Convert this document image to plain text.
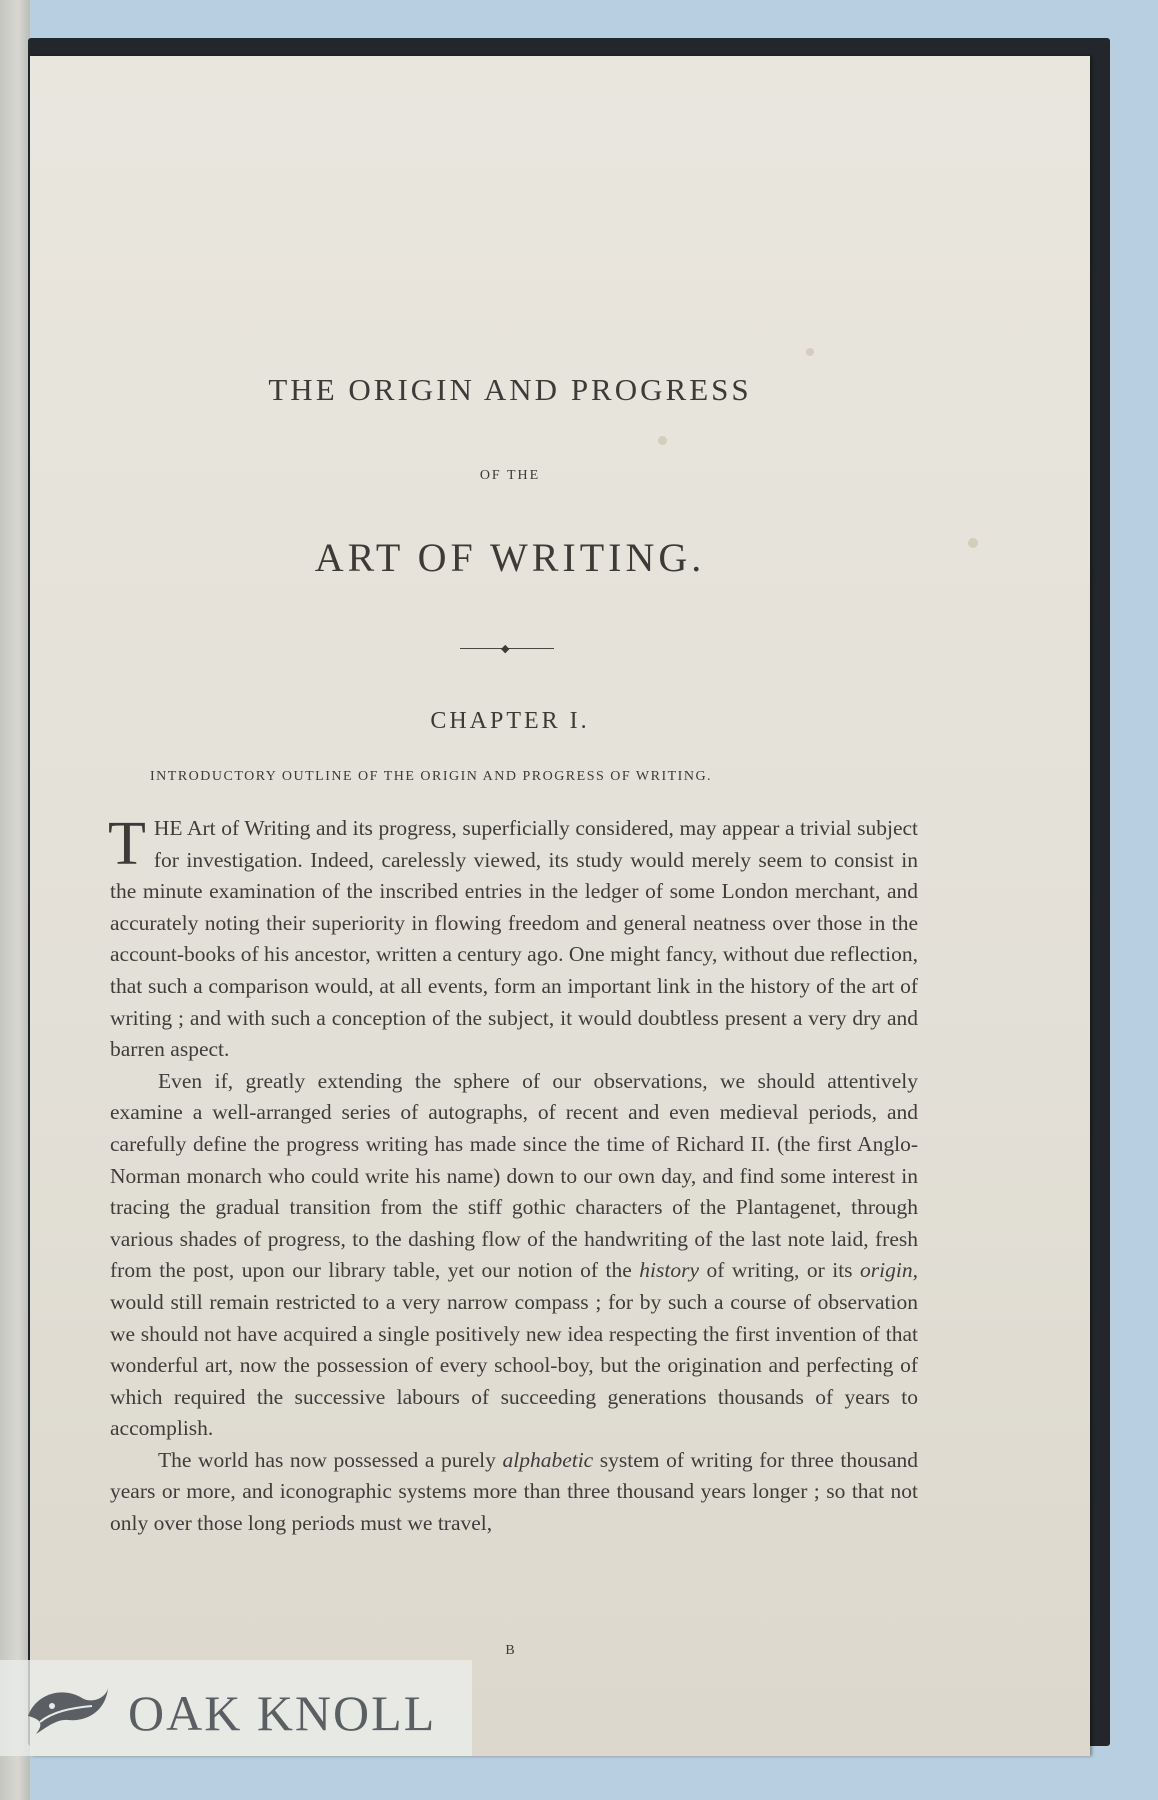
THE ORIGIN AND PROGRESS
OF THE
ART OF WRITING.
◆
CHAPTER I.
INTRODUCTORY OUTLINE OF THE ORIGIN AND PROGRESS OF WRITING.

THE Art of Writing and its progress, superficially considered, may appear a trivial subject for investigation. Indeed, carelessly viewed, its study would merely seem to consist in the minute examination of the inscribed entries in the ledger of some London merchant, and accurately noting their superiority in flowing freedom and general neatness over those in the account-books of his ancestor, written a century ago. One might fancy, without due reflection, that such a comparison would, at all events, form an important link in the history of the art of writing ; and with such a conception of the subject, it would doubtless present a very dry and barren aspect.

Even if, greatly extending the sphere of our observations, we should attentively examine a well-arranged series of autographs, of recent and even medieval periods, and carefully define the progress writing has made since the time of Richard II. (the first Anglo-Norman monarch who could write his name) down to our own day, and find some interest in tracing the gradual transition from the stiff gothic characters of the Plantagenet, through various shades of progress, to the dashing flow of the handwriting of the last note laid, fresh from the post, upon our library table, yet our notion of the history of writing, or its origin, would still remain restricted to a very narrow compass ; for by such a course of observation we should not have acquired a single positively new idea respecting the first invention of that wonderful art, now the possession of every school-boy, but the origination and perfecting of which required the successive labours of succeeding generations thousands of years to accomplish.

The world has now possessed a purely alphabetic system of writing for three thousand years or more, and iconographic systems more than three thousand years longer ; so that not only over those long periods must we travel,

B
OAK KNOLL
